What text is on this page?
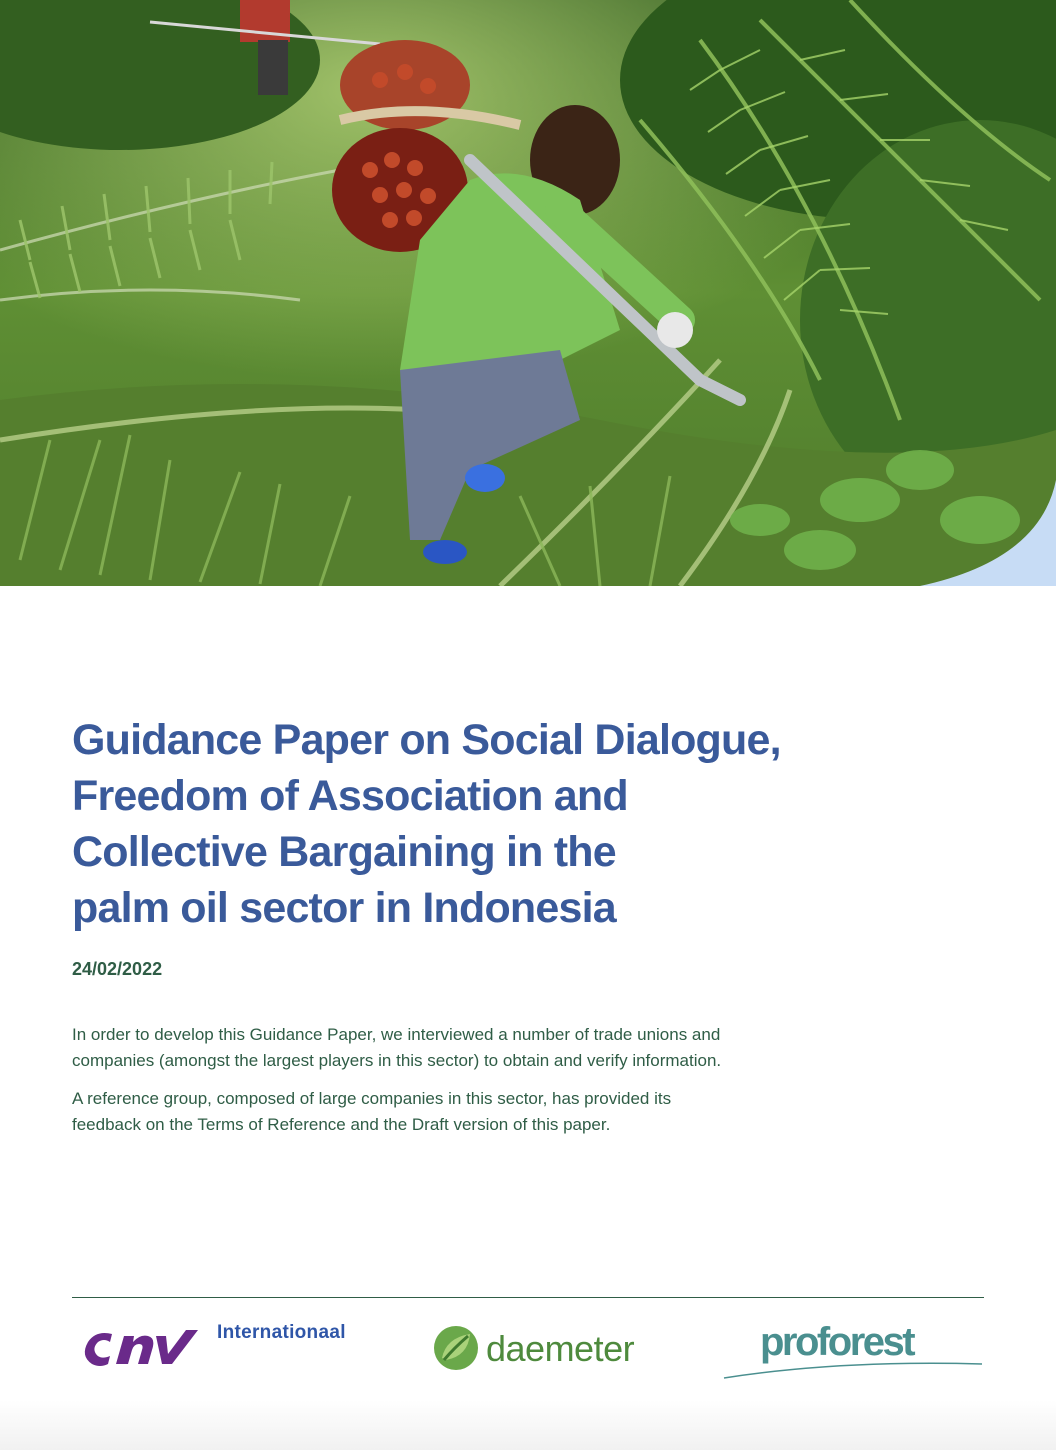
Guidance Paper on Social Dialogue,
Freedom of Association and
Collective Bargaining in the
palm oil sector in Indonesia
24/02/2022

In order to develop this Guidance Paper, we interviewed a number of trade unions and companies (amongst the largest players in this sector) to obtain and verify information.

A reference group, composed of large companies in this sector, has provided its feedback on the Terms of Reference and the Draft version of this paper.

CNV	Internationaal	daemeter	proforest
